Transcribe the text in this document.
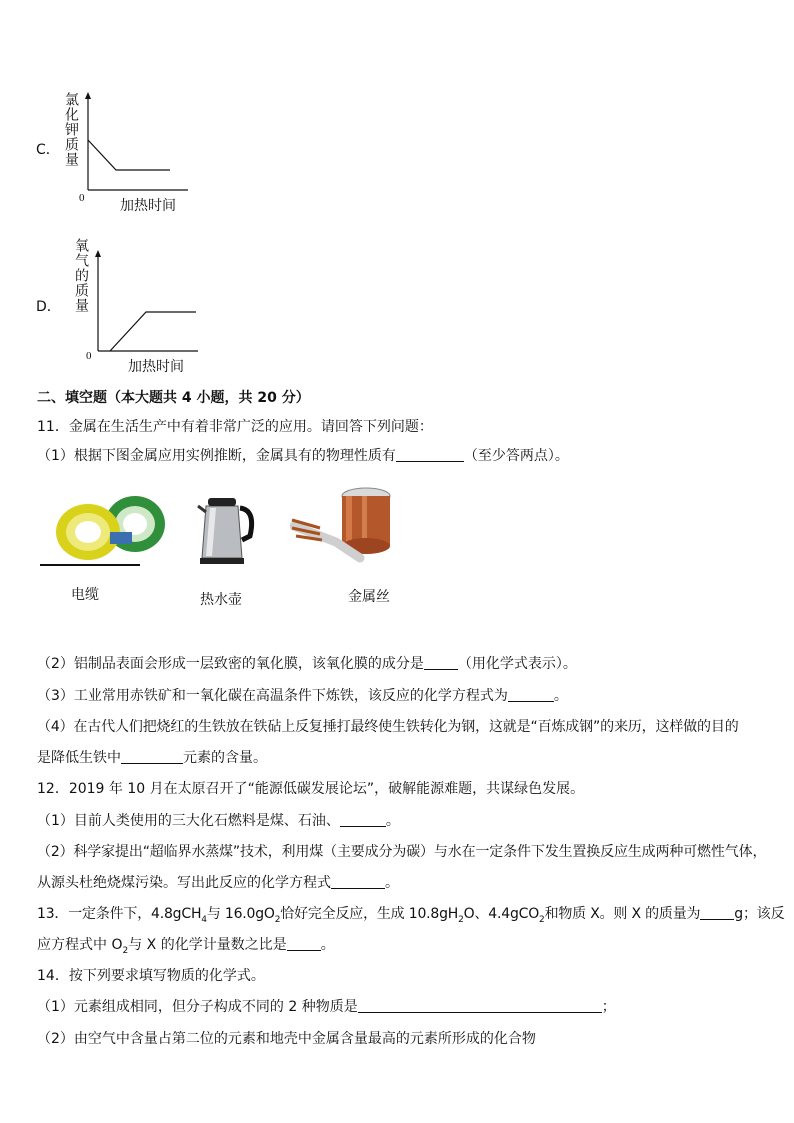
C． 氯化钾质量
0	加热时间
D． 氧气的质量
0
加热时间
二、填空题（本大题共 4 小题，共 20 分）
11．金属在生活生产中有着非常广泛的应用。请回答下列问题：
（1）根据下图金属应用实例推断，金属具有的物理性质有	（至少答两点）。
电缆	热水壶	金属丝
（2）铝制品表面会形成一层致密的氧化膜，该氧化膜的成分是 （用化学式表示）。
（3）工业常用赤铁矿和一氧化碳在高温条件下炼铁，该反应的化学方程式为	。
（4）在古代人们把烧红的生铁放在铁砧上反复捶打最终使生铁转化为钢，这就是“百炼成钢”的来历，这样做的目的
是降低生铁中	元素的含量。
12．2019 年 10 月在太原召开了“能源低碳发展论坛”，破解能源难题，共谋绿色发展。
（1）目前人类使用的三大化石燃料是煤、石油、	。
（2）科学家提出“超临界水蒸煤”技术，利用煤（主要成分为碳）与水在一定条件下发生置换反应生成两种可燃性气体，
从源头杜绝烧煤污染。写出此反应的化学方程式	。
13．一定条件下，4.8gCH$_4$与 $16.0gO_2$恰好完全反应，生成 $10.8gH_2O$、4.4gCO$_2$和物质 X。则 X 的质量为 g；该反
应方程式中 $O_2$与 X 的化学计量数之比是 。
14．按下列要求填写物质的化学式。
（1）元素组成相同，但分子构成不同的 2 种物质是	；
（2）由空气中含量占第二位的元素和地壳中金属含量最高的元素所形成的化合物
